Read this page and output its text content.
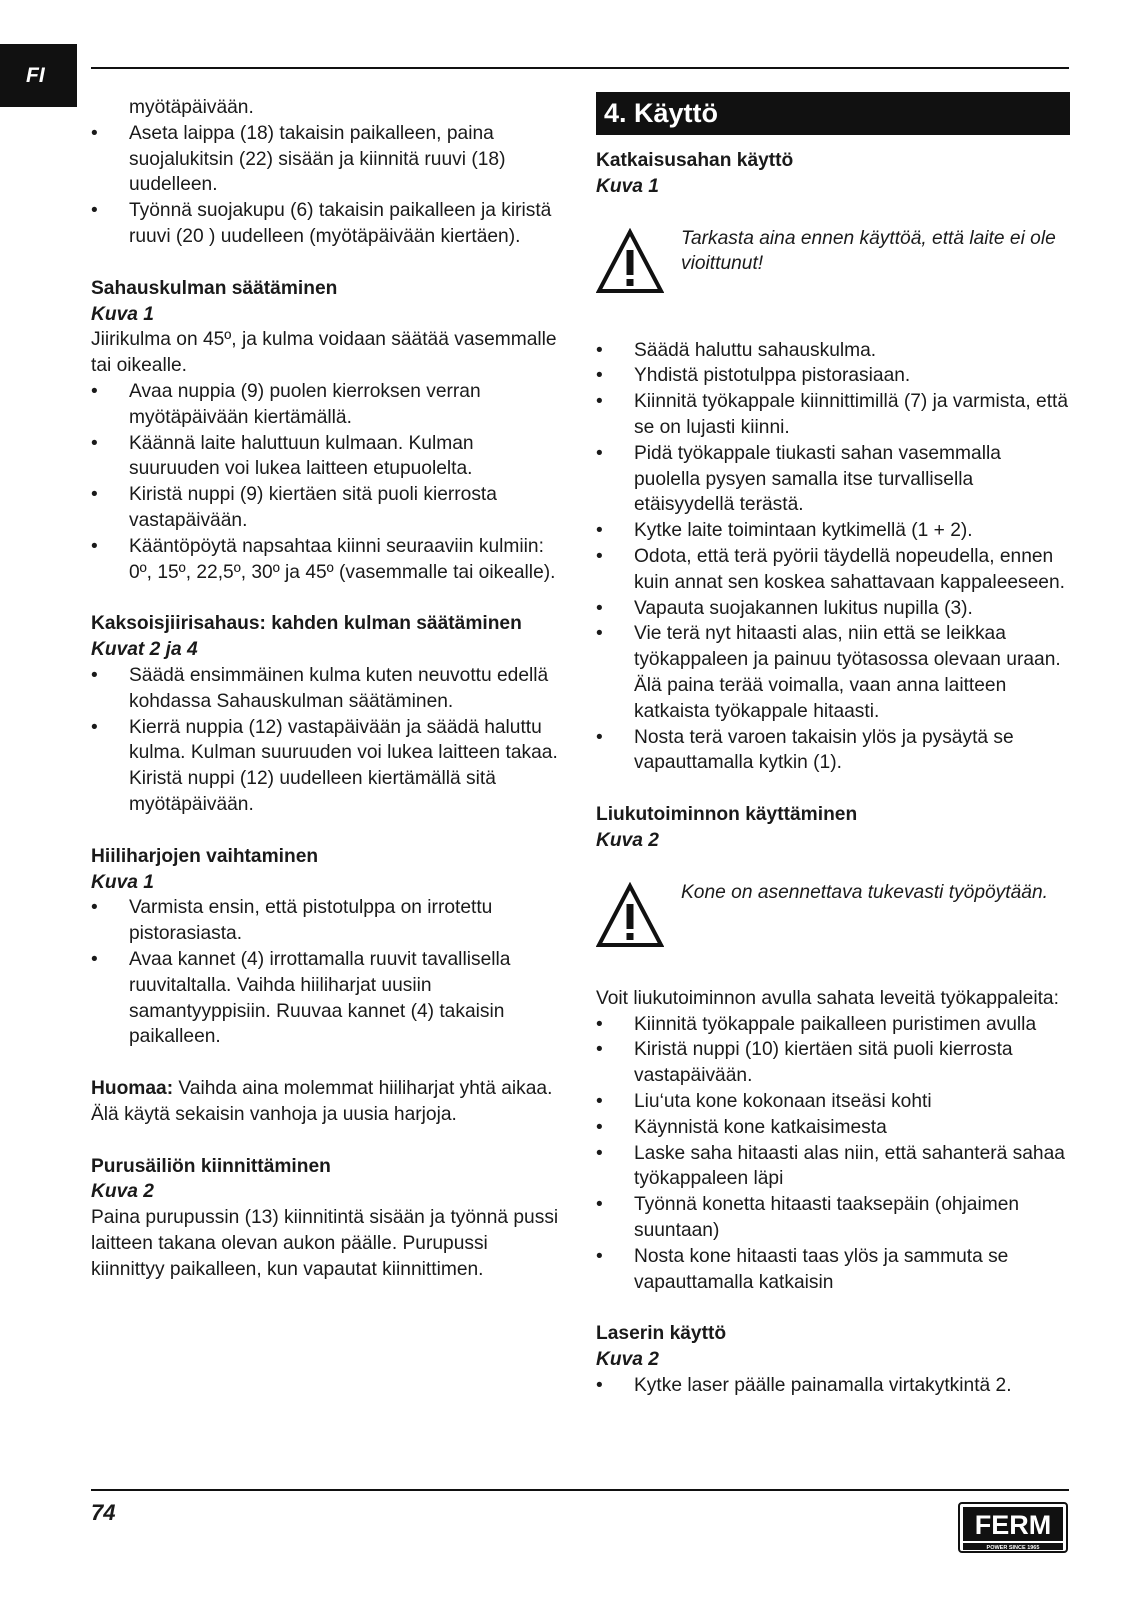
FI

myötäpäivään.

• Aseta laippa (18) takaisin paikalleen, paina suojalukitsin (22) sisään ja kiinnitä ruuvi (18) uudelleen.
• Työnnä suojakupu (6) takaisin paikalleen ja kiristä ruuvi (20 ) uudelleen (myötäpäivään kiertäen).

Sahauskulman säätäminen

Kuva 1

Jiirikulma on 45º, ja kulma voidaan säätää vasemmalle tai oikealle.

• Avaa nuppia (9) puolen kierroksen verran myötäpäivään kiertämällä.
• Käännä laite haluttuun kulmaan. Kulman suuruuden voi lukea laitteen etupuolelta.
• Kiristä nuppi (9) kiertäen sitä puoli kierrosta vastapäivään.
• Kääntöpöytä napsahtaa kiinni seuraaviin kulmiin: 0º, 15º, 22,5º, 30º ja 45º (vasemmalle tai oikealle).

Kaksoisjiirisahaus: kahden kulman säätäminen

Kuvat 2 ja 4

• Säädä ensimmäinen kulma kuten neuvottu edellä kohdassa Sahauskulman säätäminen.
• Kierrä nuppia (12) vastapäivään ja säädä haluttu kulma. Kulman suuruuden voi lukea laitteen takaa. Kiristä nuppi (12) uudelleen kiertämällä sitä myötäpäivään.

Hiiliharjojen vaihtaminen

Kuva 1

• Varmista ensin, että pistotulppa on irrotettu pistorasiasta.
• Avaa kannet (4) irrottamalla ruuvit tavallisella ruuvitaltalla. Vaihda hiiliharjat uusiin samantyyppisiin. Ruuvaa kannet (4) takaisin paikalleen.

Huomaa: Vaihda aina molemmat hiiliharjat yhtä aikaa. Älä käytä sekaisin vanhoja ja uusia harjoja.

Purusäiliön kiinnittäminen

Kuva 2

Paina purupussin (13) kiinnitintä sisään ja työnnä pussi laitteen takana olevan aukon päälle. Purupussi kiinnittyy paikalleen, kun vapautat kiinnittimen.

4. Käyttö

Katkaisusahan käyttö

Kuva 1

Tarkasta aina ennen käyttöä, että laite ei ole vioittunut!

• Säädä haluttu sahauskulma.
• Yhdistä pistotulppa pistorasiaan.
• Kiinnitä työkappale kiinnittimillä (7) ja varmista, että se on lujasti kiinni.
• Pidä työkappale tiukasti sahan vasemmalla puolella pysyen samalla itse turvallisella etäisyydellä terästä.
• Kytke laite toimintaan kytkimellä (1 + 2).
• Odota, että terä pyörii täydellä nopeudella, ennen kuin annat sen koskea sahattavaan kappaleeseen.
• Vapauta suojakannen lukitus nupilla (3).
• Vie terä nyt hitaasti alas, niin että se leikkaa työkappaleen ja painuu työtasossa olevaan uraan. Älä paina terää voimalla, vaan anna laitteen katkaista työkappale hitaasti.
• Nosta terä varoen takaisin ylös ja pysäytä se vapauttamalla kytkin (1).

Liukutoiminnon käyttäminen

Kuva 2

Kone on asennettava tukevasti työpöytään.

Voit liukutoiminnon avulla sahata leveitä työkappaleita:

• Kiinnitä työkappale paikalleen puristimen avulla
• Kiristä nuppi (10) kiertäen sitä puoli kierrosta vastapäivään.
• Liu‘uta kone kokonaan itseäsi kohti
• Käynnistä kone katkaisimesta
• Laske saha hitaasti alas niin, että sahanterä sahaa työkappaleen läpi
• Työnnä konetta hitaasti taaksepäin (ohjaimen suuntaan)
• Nosta kone hitaasti taas ylös ja sammuta se vapauttamalla katkaisin

Laserin käyttö

Kuva 2

• Kytke laser päälle painamalla virtakytkintä 2.
74	FERM
POWER SINCE 1965
